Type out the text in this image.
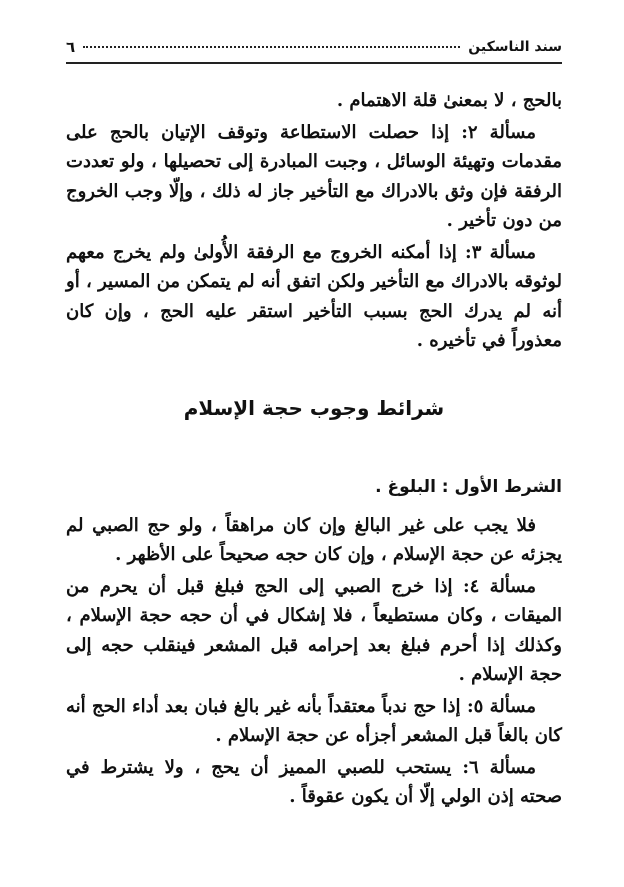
سند الناسكين
٦

بالحج ، لا بمعنىٰ قلة الاهتمام .

مسألة ٢: إذا حصلت الاستطاعة وتوقف الإتيان بالحج على مقدمات وتهيئة الوسائل ، وجبت المبادرة إلى تحصيلها ، ولو تعددت الرفقة فإن وثق بالادراك مع التأخير جاز له ذلك ، وإلّا وجب الخروج من دون تأخير .

مسألة ٣: إذا أمكنه الخروج مع الرفقة الأُولىٰ ولم يخرج معهم لوثوقه بالادراك مع التأخير ولكن اتفق أنه لم يتمكن من المسير ، أو أنه لم يدرك الحج بسبب التأخير استقر عليه الحج ، وإن كان معذوراً في تأخيره .

شرائط وجوب حجة الإسلام
الشرط الأول : البلوغ .

فلا يجب على غير البالغ وإن كان مراهقاً ، ولو حج الصبي لم يجزئه عن حجة الإسلام ، وإن كان حجه صحيحاً على الأظهر .

مسألة ٤: إذا خرج الصبي إلى الحج فبلغ قبل أن يحرم من الميقات ، وكان مستطيعاً ، فلا إشكال في أن حجه حجة الإسلام ، وكذلك إذا أحرم فبلغ بعد إحرامه قبل المشعر فينقلب حجه إلى حجة الإسلام .

مسألة ٥: إذا حج ندباً معتقداً بأنه غير بالغ فبان بعد أداء الحج أنه كان بالغاً قبل المشعر أجزأه عن حجة الإسلام .

مسألة ٦: يستحب للصبي المميز أن يحج ، ولا يشترط في صحته إذن الولي إلّا أن يكون عقوقاً .
